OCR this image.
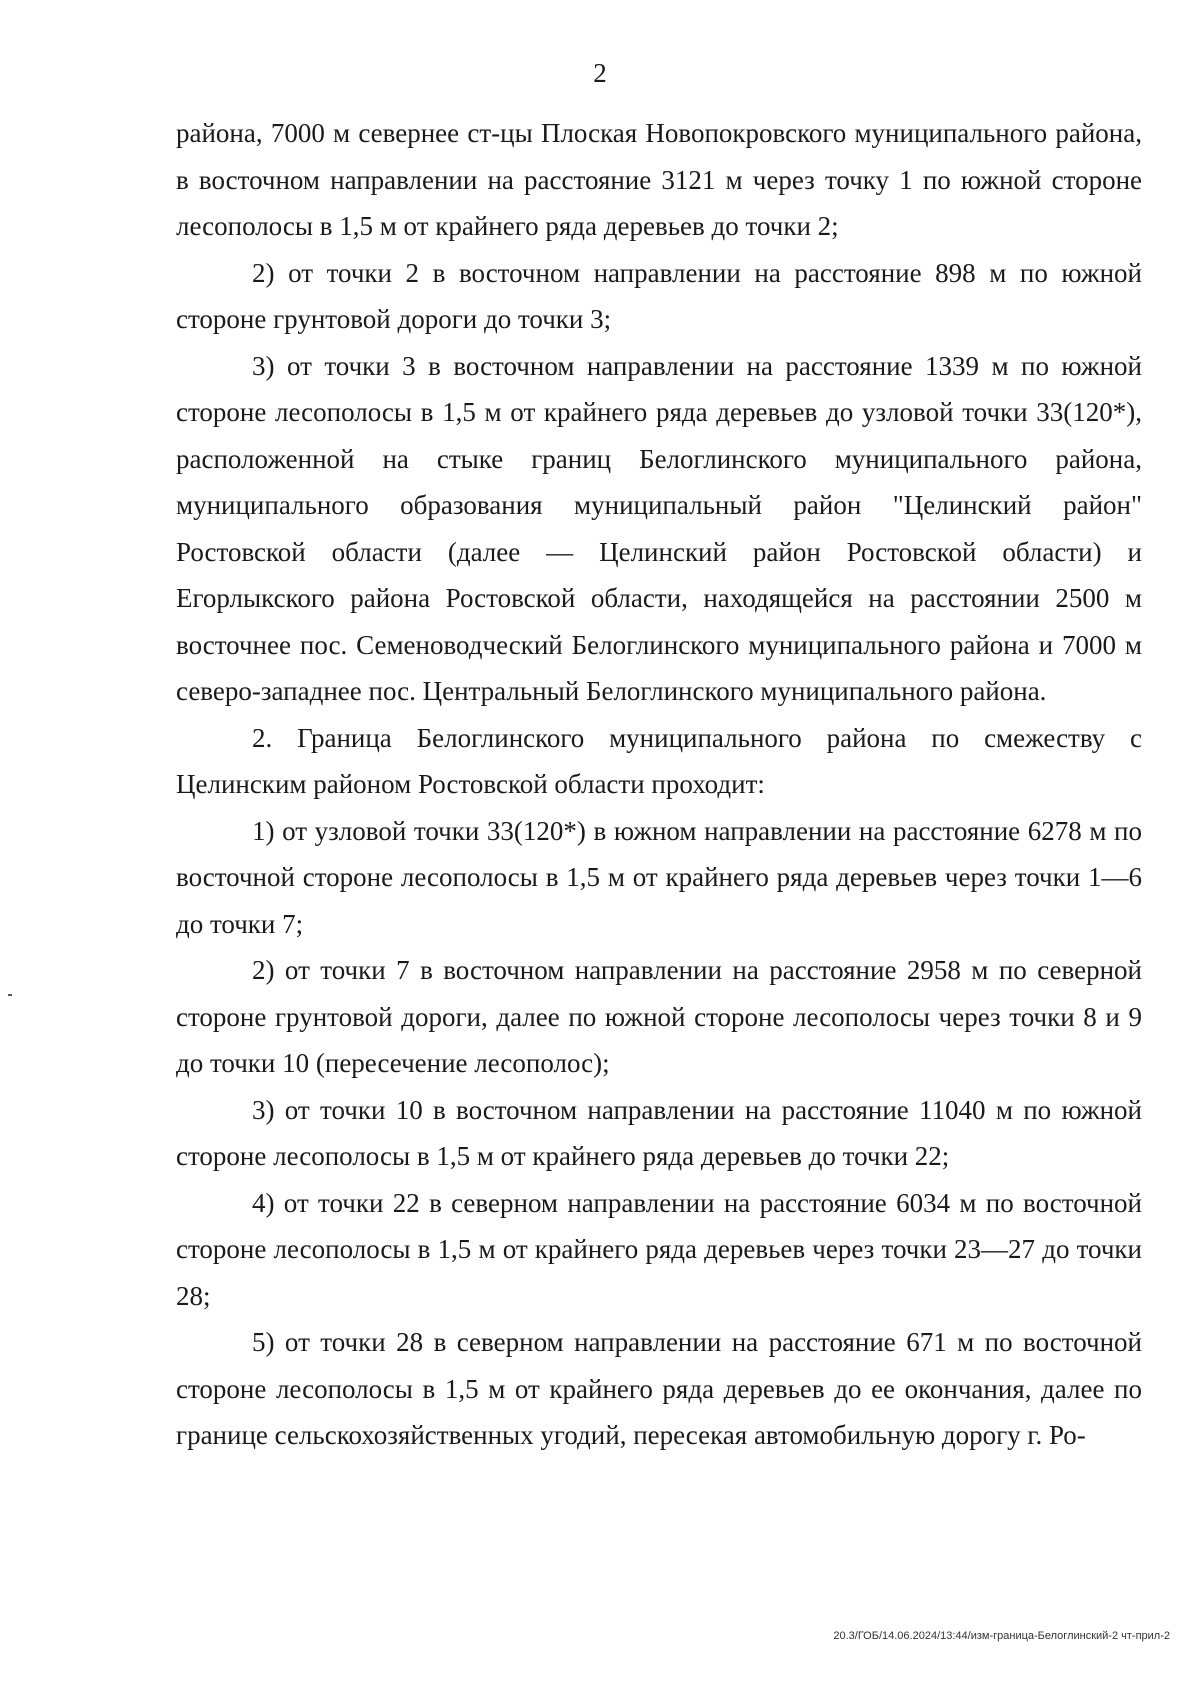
2

района, 7000 м севернее ст-цы Плоская Новопокровского муниципального района, в восточном направлении на расстояние 3121 м через точку 1 по южной стороне лесополосы в 1,5 м от крайнего ряда деревьев до точки 2;

2) от точки 2 в восточном направлении на расстояние 898 м по южной стороне грунтовой дороги до точки 3;

3) от точки 3 в восточном направлении на расстояние 1339 м по южной стороне лесополосы в 1,5 м от крайнего ряда деревьев до узловой точки 33(120*), расположенной на стыке границ Белоглинского муниципального района, муниципального образования муниципальный район "Целинский район" Ростовской области (далее — Целинский район Ростовской области) и Егорлыкского района Ростовской области, находящейся на расстоянии 2500 м восточнее пос. Семеноводческий Белоглинского муниципального района и 7000 м северо-западнее пос. Центральный Белоглинского муниципального района.

2. Граница Белоглинского муниципального района по смежеству с Целинским районом Ростовской области проходит:

1) от узловой точки 33(120*) в южном направлении на расстояние 6278 м по восточной стороне лесополосы в 1,5 м от крайнего ряда деревьев через точки 1—6 до точки 7;

2) от точки 7 в восточном направлении на расстояние 2958 м по северной стороне грунтовой дороги, далее по южной стороне лесополосы через точки 8 и 9 до точки 10 (пересечение лесополос);

3) от точки 10 в восточном направлении на расстояние 11040 м по южной стороне лесополосы в 1,5 м от крайнего ряда деревьев до точки 22;

4) от точки 22 в северном направлении на расстояние 6034 м по восточной стороне лесополосы в 1,5 м от крайнего ряда деревьев через точки 23—27 до точки 28;

5) от точки 28 в северном направлении на расстояние 671 м по восточной стороне лесополосы в 1,5 м от крайнего ряда деревьев до ее окончания, далее по границе сельскохозяйственных угодий, пересекая автомобильную дорогу г. Ро-

20.3/ГОБ/14.06.2024/13:44/изм-граница-Белоглинский-2 чт-прил-2
